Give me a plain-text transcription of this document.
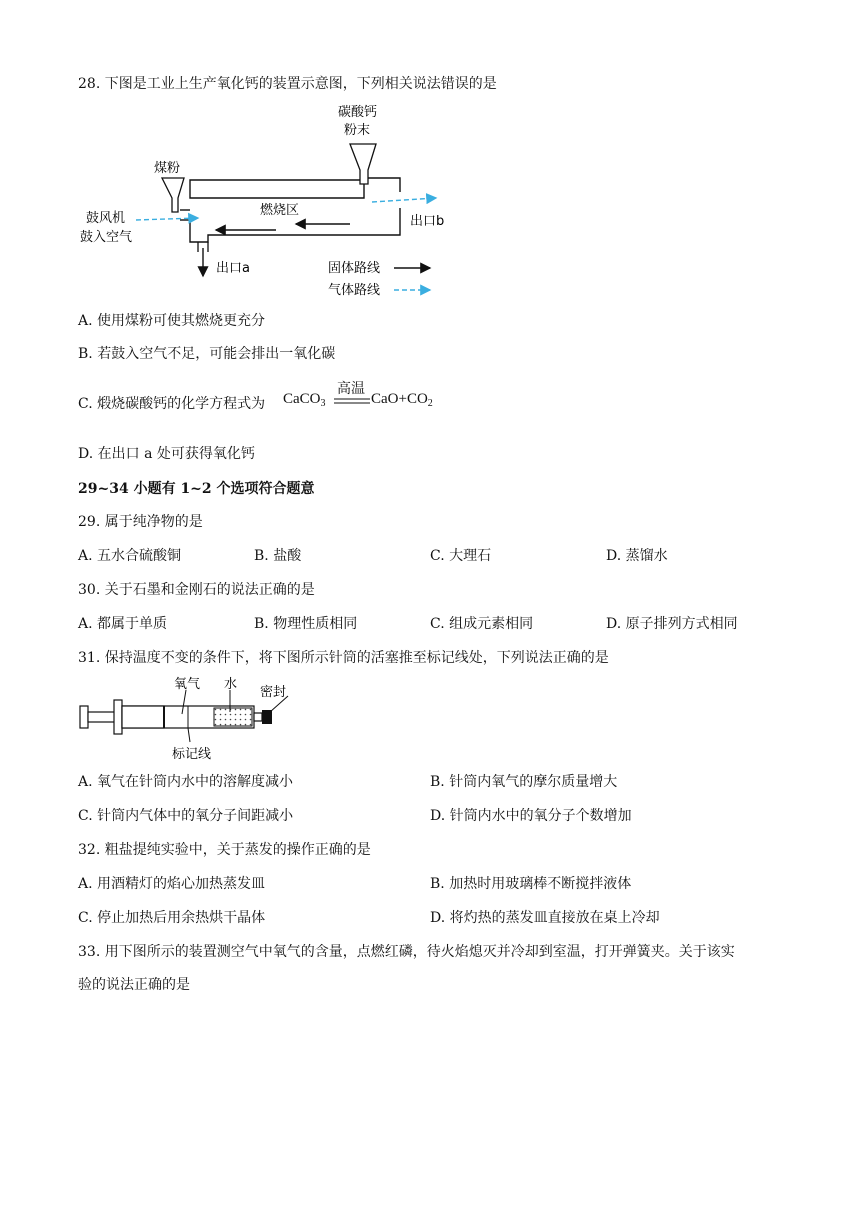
28. 下图是工业上生产氧化钙的装置示意图，下列相关说法错误的是
碳酸钙
粉末
煤粉
鼓风机
鼓入空气
燃烧区
出口b
出口a	固体路线
气体路线
A. 使用煤粉可使其燃烧更充分
B. 若鼓入空气不足，可能会排出一氧化碳
C. 煅烧碳酸钙的化学方程式为 CaCO$_3$
高温
$CaO+CO_2$
D. 在出口 a 处可获得氧化钙
29~34 小题有 1~2 个选项符合题意
29. 属于纯净物的是
A. 五水合硫酸铜	B. 盐酸	C. 大理石	D. 蒸馏水
30. 关于石墨和金刚石的说法正确的是
A. 都属于单质	B. 物理性质相同	C. 组成元素相同	D. 原子排列方式相同
31. 保持温度不变的条件下，将下图所示针筒的活塞推至标记线处，下列说法正确的是
氧气 水
密封
标记线
A. 氧气在针筒内水中的溶解度减小	B. 针筒内氧气的摩尔质量增大
C. 针筒内气体中的氧分子间距减小	D. 针筒内水中的氧分子个数增加
32. 粗盐提纯实验中，关于蒸发的操作正确的是
A. 用酒精灯的焰心加热蒸发皿	B. 加热时用玻璃棒不断搅拌液体
C. 停止加热后用余热烘干晶体	D. 将灼热的蒸发皿直接放在桌上冷却
33. 用下图所示的装置测空气中氧气的含量，点燃红磷，待火焰熄灭并冷却到室温，打开弹簧夹。关于该实
验的说法正确的是
